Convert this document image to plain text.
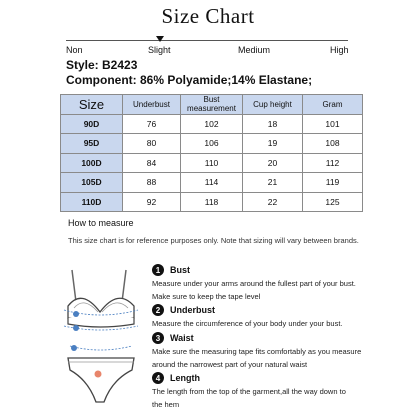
Size Chart
Non	Slight	Medium	High
Style: B2423
Component: 86% Polyamide;14% Elastane;
Size	Underbust	Bust measurement	Cup height	Gram
90D	76	102	18	101
95D	80	106	19	108
100D	84	110	20	112
105D	88	114	21	119
110D	92	118	22	125
How to measure
This size chart is for reference purposes only. Note that sizing will vary between brands.
1	Bust
Measure under your arms around the fullest part of your bust.
Make sure to keep the tape level
2	Underbust
Measure the circumference of your body under your bust.
3	Waist
Make sure the measuring tape fits comfortably as you measure
around the narrowest part of your natural waist
4	Length
The length from the top of the garment,all the way down to
the hem
